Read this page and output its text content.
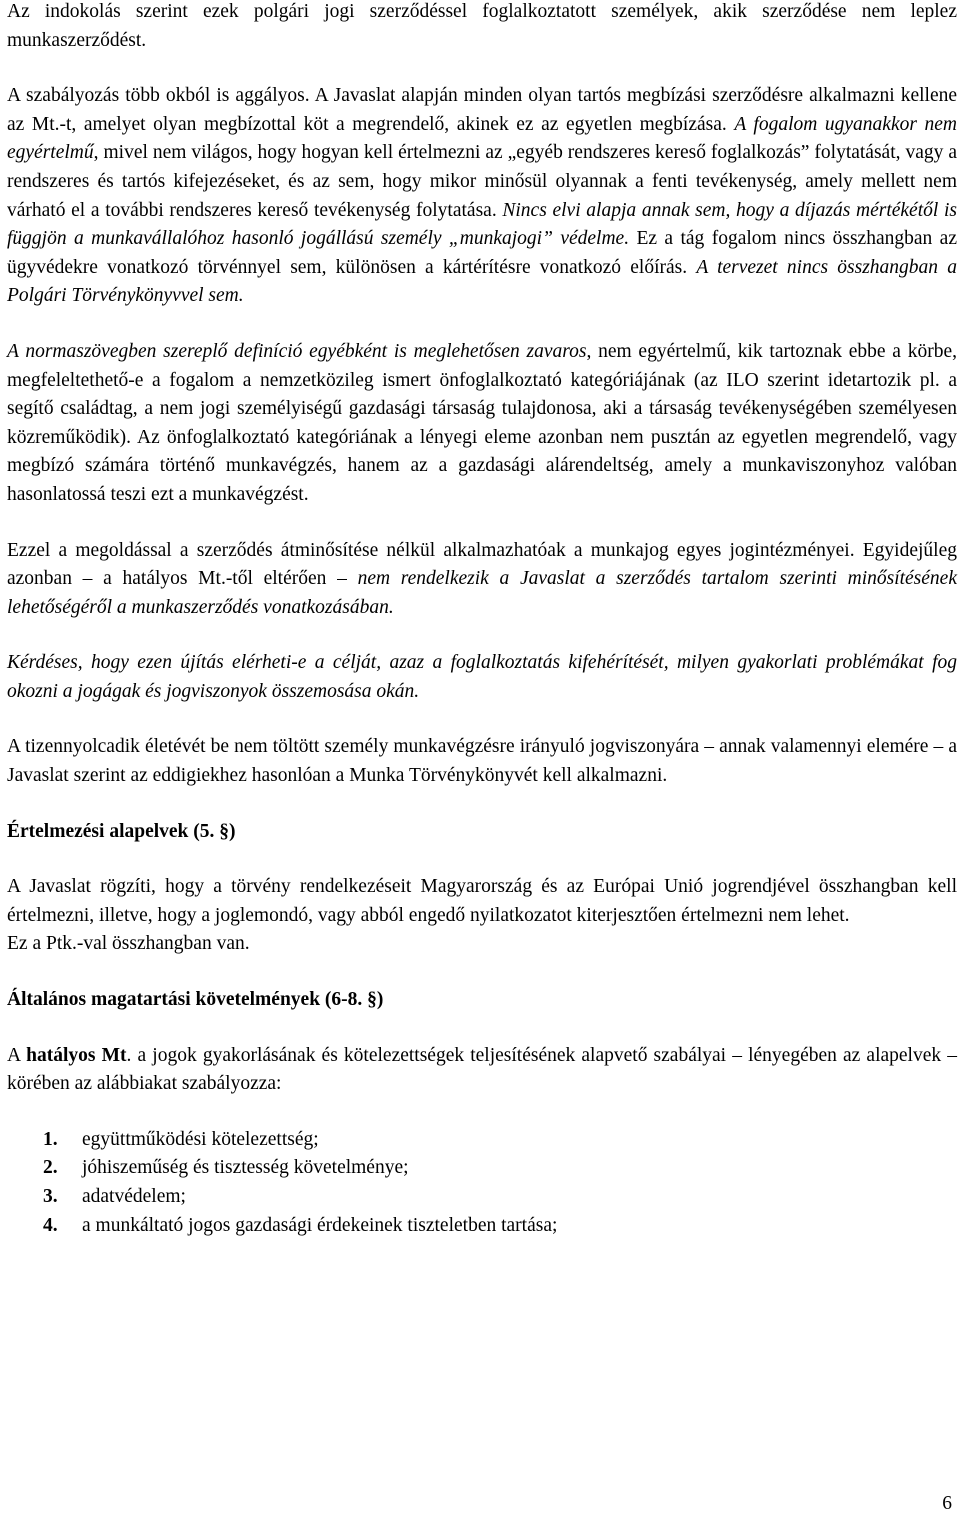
Az indokolás szerint ezek polgári jogi szerződéssel foglalkoztatott személyek, akik szerződése nem leplez munkaszerződést.

A szabályozás több okból is aggályos. A Javaslat alapján minden olyan tartós megbízási szerződésre alkalmazni kellene az Mt.-t, amelyet olyan megbízottal köt a megrendelő, akinek ez az egyetlen megbízása. A fogalom ugyanakkor nem egyértelmű, mivel nem világos, hogy hogyan kell értelmezni az „egyéb rendszeres kereső foglalkozás” folytatását, vagy a rendszeres és tartós kifejezéseket, és az sem, hogy mikor minősül olyannak a fenti tevékenység, amely mellett nem várható el a további rendszeres kereső tevékenység folytatása. Nincs elvi alapja annak sem, hogy a díjazás mértékétől is függjön a munkavállalóhoz hasonló jogállású személy „munkajogi” védelme. Ez a tág fogalom nincs összhangban az ügyvédekre vonatkozó törvénnyel sem, különösen a kártérítésre vonatkozó előírás. A tervezet nincs összhangban a Polgári Törvénykönyvvel sem.

A normaszövegben szereplő definíció egyébként is meglehetősen zavaros, nem egyértelmű, kik tartoznak ebbe a körbe, megfeleltethető-e a fogalom a nemzetközileg ismert önfoglalkoztató kategóriájának (az ILO szerint idetartozik pl. a segítő családtag, a nem jogi személyiségű gazdasági társaság tulajdonosa, aki a társaság tevékenységében személyesen közreműködik). Az önfoglalkoztató kategóriának a lényegi eleme azonban nem pusztán az egyetlen megrendelő, vagy megbízó számára történő munkavégzés, hanem az a gazdasági alárendeltség, amely a munkaviszonyhoz valóban hasonlatossá teszi ezt a munkavégzést.

Ezzel a megoldással a szerződés átminősítése nélkül alkalmazhatóak a munkajog egyes jogintézményei. Egyidejűleg azonban – a hatályos Mt.-től eltérően – nem rendelkezik a Javaslat a szerződés tartalom szerinti minősítésének lehetőségéről a munkaszerződés vonatkozásában.

Kérdéses, hogy ezen újítás elérheti-e a célját, azaz a foglalkoztatás kifehérítését, milyen gyakorlati problémákat fog okozni a jogágak és jogviszonyok összemosása okán.

A tizennyolcadik életévét be nem töltött személy munkavégzésre irányuló jogviszonyára – annak valamennyi elemére – a Javaslat szerint az eddigiekhez hasonlóan a Munka Törvénykönyvét kell alkalmazni.

Értelmezési alapelvek (5. §)

A Javaslat rögzíti, hogy a törvény rendelkezéseit Magyarország és az Európai Unió jogrendjével összhangban kell értelmezni, illetve, hogy a joglemondó, vagy abból engedő nyilatkozatot kiterjesztően értelmezni nem lehet.

Ez a Ptk.-val összhangban van.

Általános magatartási követelmények (6-8. §)

A hatályos Mt. a jogok gyakorlásának és kötelezettségek teljesítésének alapvető szabályai – lényegében az alapelvek – körében az alábbiakat szabályozza:

1.	együttműködési kötelezettség;
2.	jóhiszeműség és tisztesség követelménye;
3.	adatvédelem;
4.	a munkáltató jogos gazdasági érdekeinek tiszteletben tartása;
6
